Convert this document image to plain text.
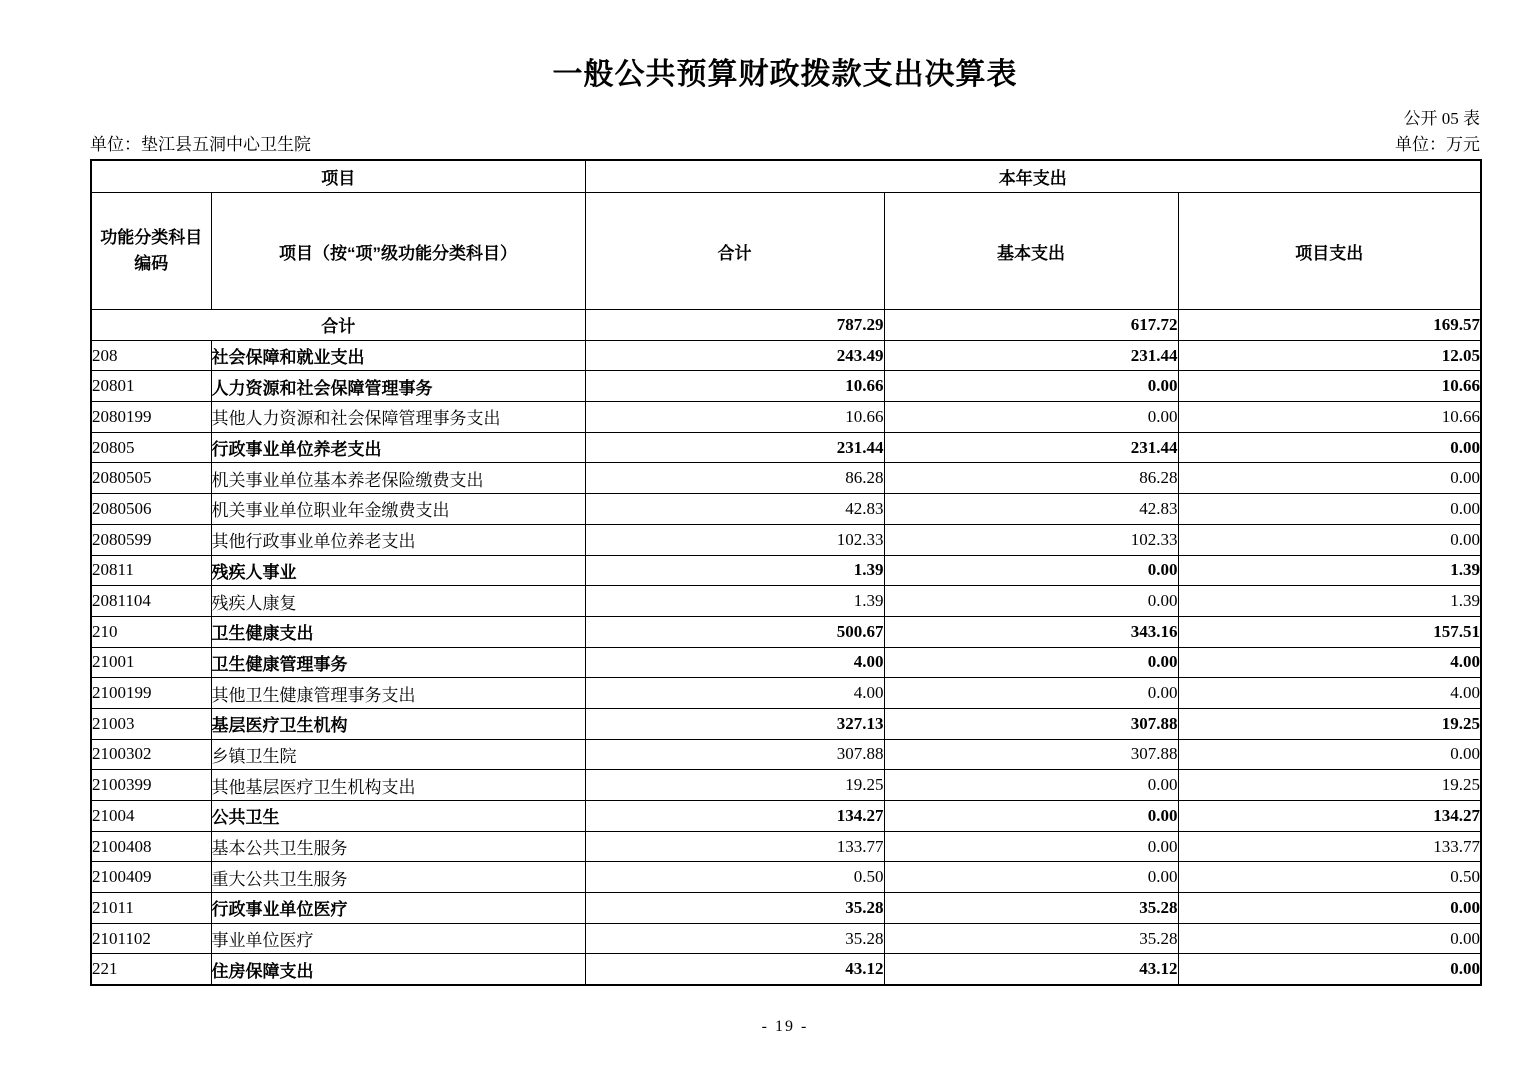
一般公共预算财政拨款支出决算表
公开 05 表
单位：垫江县五洞中心卫生院	单位：万元
项目		本年支出		
功能分类科目编码	项目（按“项”级功能分类科目）	合计	基本支出	项目支出
合计		787.29	617.72	169.57
208	社会保障和就业支出	243.49	231.44	12.05
20801	人力资源和社会保障管理事务	10.66	0.00	10.66
2080199	其他人力资源和社会保障管理事务支出	10.66	0.00	10.66
20805	行政事业单位养老支出	231.44	231.44	0.00
2080505	机关事业单位基本养老保险缴费支出	86.28	86.28	0.00
2080506	机关事业单位职业年金缴费支出	42.83	42.83	0.00
2080599	其他行政事业单位养老支出	102.33	102.33	0.00
20811	残疾人事业	1.39	0.00	1.39
2081104	残疾人康复	1.39	0.00	1.39
210	卫生健康支出	500.67	343.16	157.51
21001	卫生健康管理事务	4.00	0.00	4.00
2100199	其他卫生健康管理事务支出	4.00	0.00	4.00
21003	基层医疗卫生机构	327.13	307.88	19.25
2100302	乡镇卫生院	307.88	307.88	0.00
2100399	其他基层医疗卫生机构支出	19.25	0.00	19.25
21004	公共卫生	134.27	0.00	134.27
2100408	基本公共卫生服务	133.77	0.00	133.77
2100409	重大公共卫生服务	0.50	0.00	0.50
21011	行政事业单位医疗	35.28	35.28	0.00
2101102	事业单位医疗	35.28	35.28	0.00
221	住房保障支出	43.12	43.12	0.00
- 19 -
